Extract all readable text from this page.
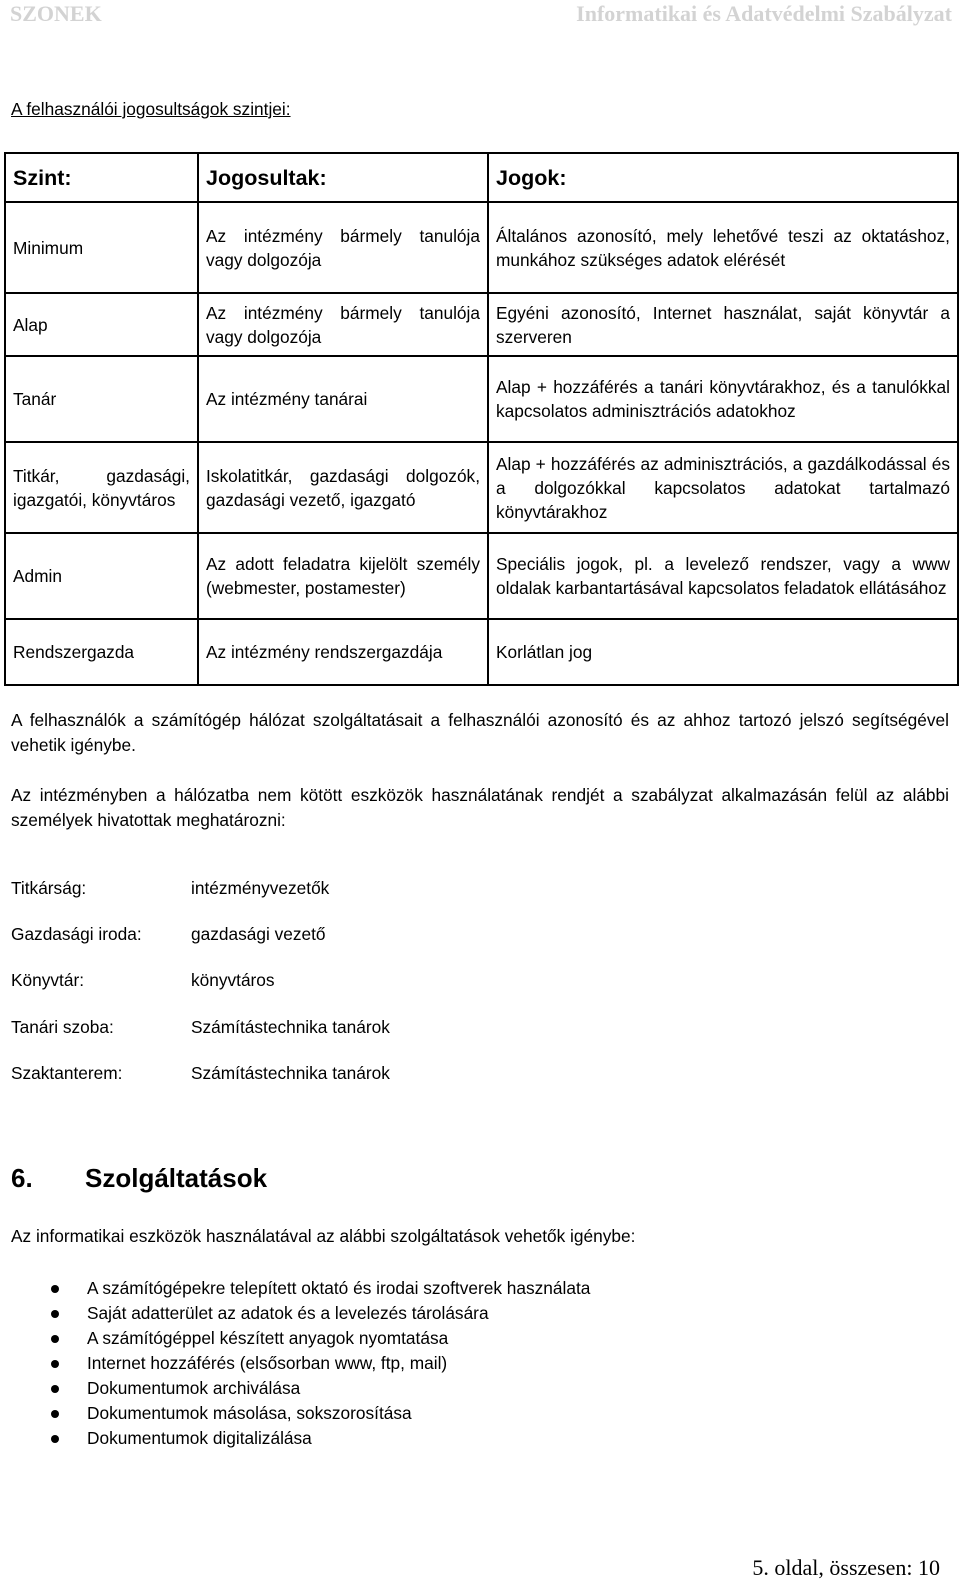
SZONEK	Informatikai és Adatvédelmi Szabályzat
A felhasználói jogosultságok szintjei:
Szint:	Jogosultak:	Jogok:
Minimum	Az intézmény bármely tanulója vagy dolgozója	Általános azonosító, mely lehetővé teszi az oktatáshoz, munkához szükséges adatok elérését
Alap	Az intézmény bármely tanulója vagy dolgozója	Egyéni azonosító, Internet használat, saját könyvtár a szerveren
Tanár	Az intézmény tanárai	Alap + hozzáférés a tanári könyvtárakhoz, és a tanulókkal kapcsolatos adminisztrációs adatokhoz
Titkár, gazdasági, igazgatói, könyvtáros	Iskolatitkár, gazdasági dolgozók, gazdasági vezető, igazgató	Alap + hozzáférés az adminisztrációs, a gazdálkodással és a dolgozókkal kapcsolatos adatokat tartalmazó könyvtárakhoz
Admin	Az adott feladatra kijelölt személy (webmester, postamester)	Speciális jogok, pl. a levelező rendszer, vagy a www oldalak karbantartásával kapcsolatos feladatok ellátásához
Rendszergazda	Az intézmény rendszergazdája	Korlátlan jog

A felhasználók a számítógép hálózat szolgáltatásait a felhasználói azonosító és az ahhoz tartozó jelszó segítségével vehetik igénybe.

Az intézményben a hálózatba nem kötött eszközök használatának rendjét a szabályzat alkalmazásán felül az alábbi személyek hivatottak meghatározni:

Titkárság:	intézményvezetők
Gazdasági iroda:	gazdasági vezető
Könyvtár:	könyvtáros
Tanári szoba:	Számítástechnika tanárok
Szaktanterem:	Számítástechnika tanárok
6. Szolgáltatások
Az informatikai eszközök használatával az alábbi szolgáltatások vehetők igénybe:
A számítógépekre telepített oktató és irodai szoftverek használata
Saját adatterület az adatok és a levelezés tárolására
A számítógéppel készített anyagok nyomtatása
Internet hozzáférés (elsősorban www, ftp, mail)
Dokumentumok archiválása
Dokumentumok másolása, sokszorosítása
Dokumentumok digitalizálása
5. oldal, összesen: 10
